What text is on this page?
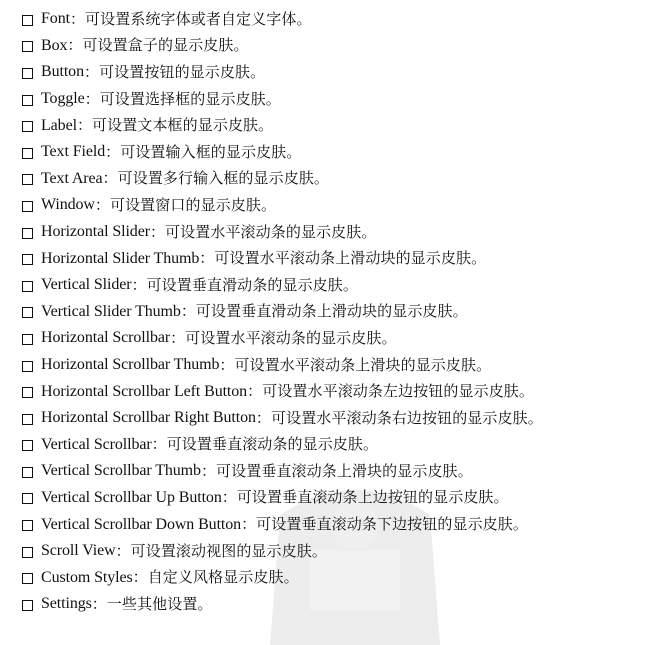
Font ：可设置系统字体或者自定义字体。
Box ：可设置盒子的显示皮肤。
Button ：可设置按钮的显示皮肤。
Toggle ：可设置选择框的显示皮肤。
Label ：可设置文本框的显示皮肤。
Text Field ：可设置输入框的显示皮肤。
Text Area ：可设置多行输入框的显示皮肤。
Window ：可设置窗口的显示皮肤。
Horizontal Slider ：可设置水平滚动条的显示皮肤。
Horizontal Slider Thumb ：可设置水平滚动条上滑动块的显示皮肤。
Vertical Slider ：可设置垂直滑动条的显示皮肤。
Vertical Slider Thumb ：可设置垂直滑动条上滑动块的显示皮肤。
Horizontal Scrollbar ：可设置水平滚动条的显示皮肤。
Horizontal Scrollbar Thumb ：可设置水平滚动条上滑块的显示皮肤。
Horizontal Scrollbar Left Button ：可设置水平滚动条左边按钮的显示皮肤。
Horizontal Scrollbar Right Button ：可设置水平滚动条右边按钮的显示皮肤。
Vertical Scrollbar ：可设置垂直滚动条的显示皮肤。
Vertical Scrollbar Thumb ：可设置垂直滚动条上滑块的显示皮肤。
Vertical Scrollbar Up Button ：可设置垂直滚动条上边按钮的显示皮肤。
Vertical Scrollbar Down Button ：可设置垂直滚动条下边按钮的显示皮肤。
Scroll View ：可设置滚动视图的显示皮肤。
Custom Styles ：自定义风格显示皮肤。
Settings ：一些其他设置。
